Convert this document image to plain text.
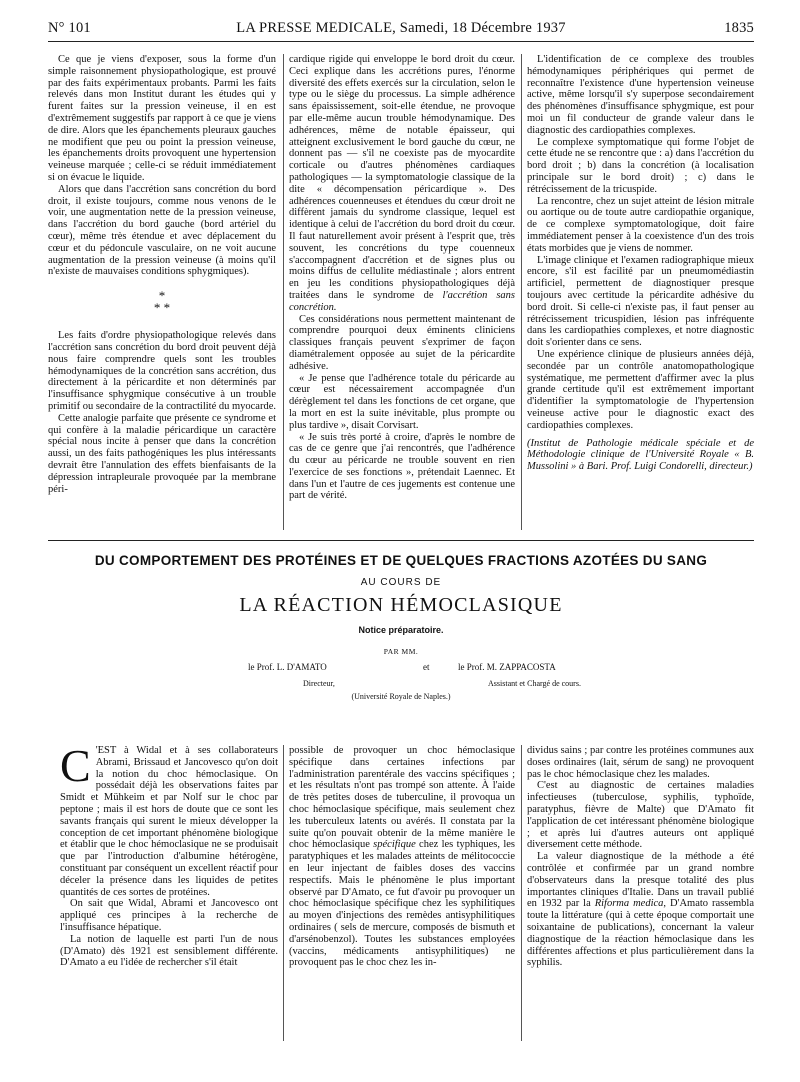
N° 101	LA PRESSE MEDICALE, Samedi, 18 Décembre 1937	1835

Ce que je viens d'exposer, sous la forme d'un simple raisonnement physiopathologique, est prouvé par des faits expérimentaux probants. Parmi les faits relevés dans mon Institut durant les études qui y furent faites sur la pression veineuse, il en est d'extrêmement suggestifs par rapport à ce que je viens de dire. Alors que les épanchements pleuraux gauches ne modifient que peu ou point la pression veineuse, les épanchements droits provoquent une hypertension veineuse marquée ; celle-ci se réduit immédiatement si on évacue le liquide.

Alors que dans l'accrétion sans concrétion du bord droit, il existe toujours, comme nous venons de le voir, une augmentation nette de la pression veineuse, dans l'accrétion du bord gauche (bord artériel du cœur), même très étendue et avec déplacement du cœur et du pédoncule vasculaire, on ne voit aucune augmentation de la pression veineuse (à moins qu'il n'existe de mauvaises conditions sphygmiques).

*
* *

Les faits d'ordre physiopathologique relevés dans l'accrétion sans concrétion du bord droit peuvent déjà nous faire comprendre quels sont les troubles hémodynamiques de la concrétion sans accrétion, dus directement à la péricardite et non déterminés par l'insuffisance sphygmique consécutive à un trouble primitif ou secondaire de la contractilité du myocarde.

Cette analogie parfaite que présente ce syndrome et qui confère à la maladie péricardique un caractère spécial nous incite à penser que dans la concrétion aussi, un des faits pathogéniques les plus intéressants devrait être l'annulation des effets bienfaisants de la dépression intrapleurale provoquée par la membrane péri-

cardique rigide qui enveloppe le bord droit du cœur. Ceci explique dans les accrétions pures, l'énorme diversité des effets exercés sur la circulation, selon le type ou le siège du processus. La simple adhérence sans épaississement, soit-elle étendue, ne provoque par elle-même aucun trouble hémodynamique. Des adhérences, même de notable épaisseur, qui atteignent exclusivement le bord gauche du cœur, ne donnent pas — s'il ne coexiste pas de myocardite corticale ou d'autres phénomènes cardiaques pathologiques — la symptomatologie classique de la dite « décompensation péricardique ». Des adhérences couenneuses et étendues du cœur droit ne diffèrent jamais du syndrome classique, lequel est identique à celui de l'accrétion du bord droit du cœur. Il faut naturellement avoir présent à l'esprit que, très souvent, les concrétions du type couenneux s'accompagnent d'accrétion et de signes plus ou moins diffus de cellulite médiastinale ; alors entrent en jeu les conditions physiopathologiques déjà traitées dans le syndrome de l'accrétion sans concrétion.

Ces considérations nous permettent maintenant de comprendre pourquoi deux éminents cliniciens classiques français peuvent s'exprimer de façon diamétralement opposée au sujet de la péricardite adhésive.

« Je pense que l'adhérence totale du péricarde au cœur est nécessairement accompagnée d'un dérèglement tel dans les fonctions de cet organe, que la mort en est la suite inévitable, plus prompte ou plus tardive », disait Corvisart.

« Je suis très porté à croire, d'après le nombre de cas de ce genre que j'ai rencontrés, que l'adhérence du cœur au péricarde ne trouble souvent en rien l'exercice de ses fonctions », prétendait Laennec. Et dans l'un et l'autre de ces jugements est contenue une part de vérité.

L'identification de ce complexe des troubles hémodynamiques périphériques qui permet de reconnaître l'existence d'une hypertension veineuse active, même lorsqu'il s'y superpose secondairement des phénomènes d'insuffisance sphygmique, est pour moi un fil conducteur de grande valeur dans le diagnostic des cardiopathies complexes.

Le complexe symptomatique qui forme l'objet de cette étude ne se rencontre que : a) dans l'accrétion du bord droit ; b) dans la concrétion (à localisation principale sur le bord droit) ; c) dans le rétrécissement de la tricuspide.

La rencontre, chez un sujet atteint de lésion mitrale ou aortique ou de toute autre cardiopathie organique, de ce complexe symptomatologique, doit faire immédiatement penser à la coexistence d'un des trois états morbides que je viens de nommer.

L'image clinique et l'examen radiographique mieux encore, s'il est facilité par un pneumomédiastin artificiel, permettent de diagnostiquer presque toujours avec certitude la péricardite adhésive du bord droit. Si celle-ci n'existe pas, il faut penser au rétrécissement tricuspidien, lésion pas infréquente dans les cardiopathies complexes, et notre diagnostic doit s'orienter dans ce sens.

Une expérience clinique de plusieurs années déjà, secondée par un contrôle anatomopathologique systématique, me permettent d'affirmer avec la plus grande certitude qu'il est extrêmement important d'identifier la symptomatologie de l'hypertension veineuse active pour le diagnostic exact des cardiopathies complexes.

(Institut de Pathologie médicale spéciale et de Méthodologie clinique de l'Université Royale « B. Mussolini » à Bari. Prof. Luigi Condorelli, directeur.)

DU COMPORTEMENT DES PROTÉINES ET DE QUELQUES FRACTIONS AZOTÉES DU SANG
AU COURS DE
LA RÉACTION HÉMOCLASIQUE
Notice préparatoire.
PAR MM.
le Prof. L. D'AMATO	et	le Prof. M. ZAPPACOSTA
Directeur,	Assistant et Chargé de cours.
(Université Royale de Naples.)

C 'EST à Widal et à ses collaborateurs Abrami, Brissaud et Jancovesco qu'on doit la notion du choc hémoclasique. On possédait déjà les observations faites par Smidt et Mühkeim et par Nolf sur le choc par peptone ; mais il est hors de doute que ce sont les savants français qui surent le mieux développer la conception de cet important phénomène biologique et établir que le choc hémoclasique ne se produisait que par l'introduction d'albumine hétérogène, constituant par conséquent un excellent réactif pour déceler la présence dans les liquides de petites quantités de ces sortes de protéines.

On sait que Widal, Abrami et Jancovesco ont appliqué ces principes à la recherche de l'insuffisance hépatique.

La notion de laquelle est parti l'un de nous (D'Amato) dès 1921 est sensiblement différente. D'Amato a eu l'idée de rechercher s'il était

possible de provoquer un choc hémoclasique spécifique dans certaines infections par l'administration parentérale des vaccins spécifiques ; et les résultats n'ont pas trompé son attente. À l'aide de très petites doses de tuberculine, il provoqua un choc hémoclasique spécifique, mais seulement chez les tuberculeux latents ou avérés. Il constata par la suite qu'on pouvait obtenir de la même manière le choc hémoclasique spécifique chez les typhiques, les paratyphiques et les malades atteints de mélitococcie en leur injectant de faibles doses des vaccins respectifs. Mais le phénomène le plus important observé par D'Amato, ce fut d'avoir pu provoquer un choc hémoclasique spécifique chez les syphilitiques au moyen d'injections des remèdes antisyphilitiques ordinaires ( sels de mercure, composés de bismuth et d'arsénobenzol). Toutes les substances employées (vaccins, médicaments antisyphilitiques) ne provoquent pas le choc chez les in-

dividus sains ; par contre les protéines communes aux doses ordinaires (lait, sérum de sang) ne provoquent pas le choc hémoclasique chez les malades.

C'est au diagnostic de certaines maladies infectieuses (tuberculose, syphilis, typhoïde, paratyphus, fièvre de Malte) que D'Amato fit l'application de cet intéressant phénomène biologique ; et après lui d'autres auteurs ont appliqué diversement cette méthode.

La valeur diagnostique de la méthode a été contrôlée et confirmée par un grand nombre d'observateurs dans la presque totalité des plus importantes cliniques d'Italie. Dans un travail publié en 1932 par la Riforma medica, D'Amato rassembla toute la littérature (qui à cette époque comportait une soixantaine de publications), concernant la valeur diagnostique de la réaction hémoclasique dans les différentes affections et plus particulièrement dans la syphilis.
